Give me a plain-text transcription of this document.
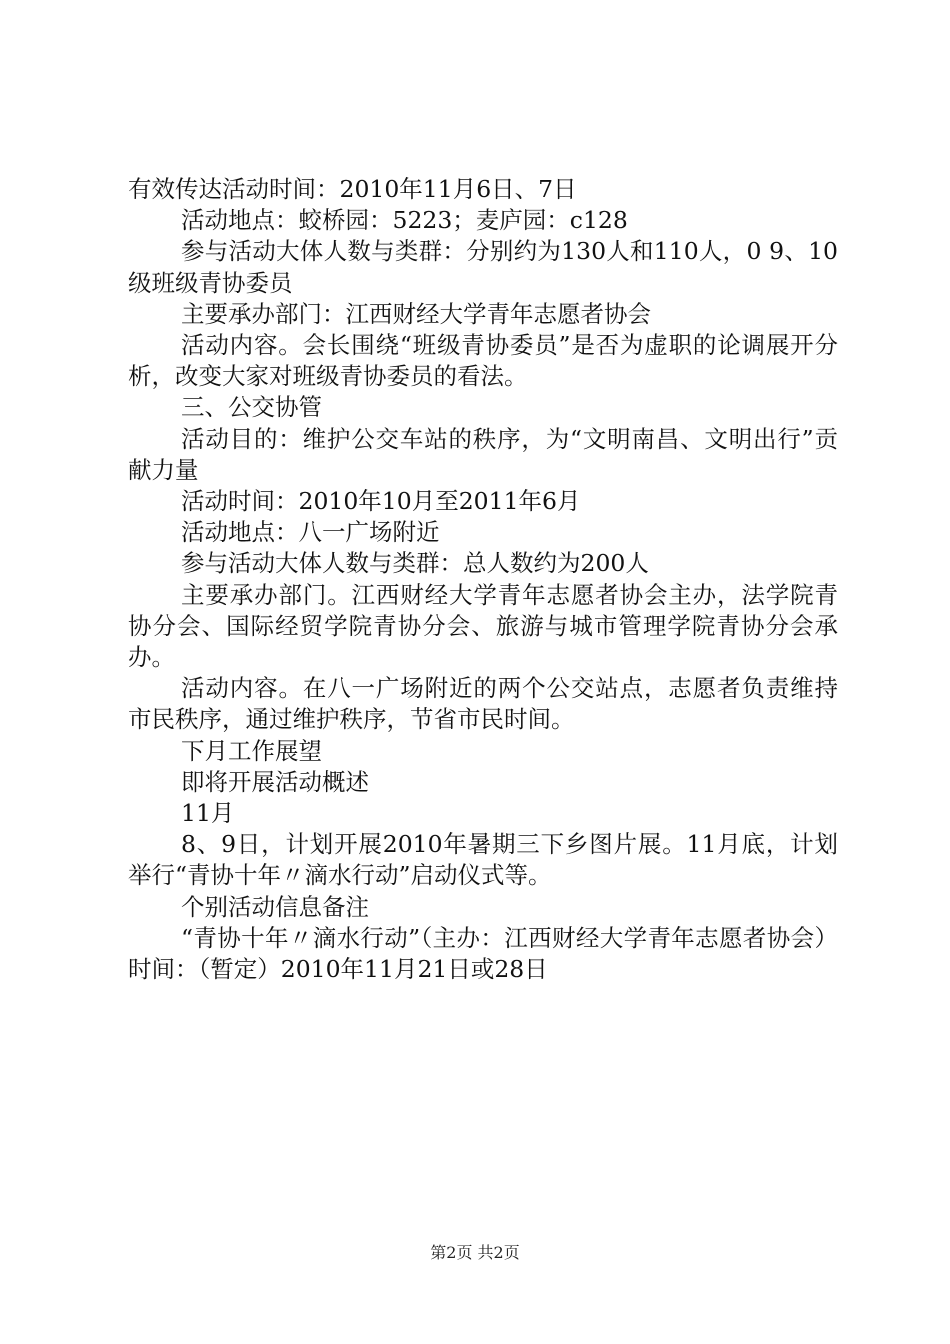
有效传达活动时间：2010年11月6日、7日

活动地点：蛟桥园：5223；麦庐园：c128

参与活动大体人数与类群：分别约为130人和110人，0 9、10级班级青协委员

主要承办部门：江西财经大学青年志愿者协会

活动内容。会长围绕“班级青协委员”是否为虚职的论调展开分析，改变大家对班级青协委员的看法。

三、公交协管

活动目的：维护公交车站的秩序，为“文明南昌、文明出行”贡献力量

活动时间：2010年10月至2011年6月

活动地点：八一广场附近

参与活动大体人数与类群：总人数约为200人

主要承办部门。江西财经大学青年志愿者协会主办，法学院青协分会、国际经贸学院青协分会、旅游与城市管理学院青协分会承办。

活动内容。在八一广场附近的两个公交站点，志愿者负责维持市民秩序，通过维护秩序，节省市民时间。

下月工作展望

即将开展活动概述

11月

8、9日，计划开展2010年暑期三下乡图片展。11月底，计划举行“青协十年〃滴水行动”启动仪式等。

个别活动信息备注

“青协十年〃滴水行动”（主办：江西财经大学青年志愿者协会）时间：（暂定）2010年11月21日或28日

第2页 共2页
